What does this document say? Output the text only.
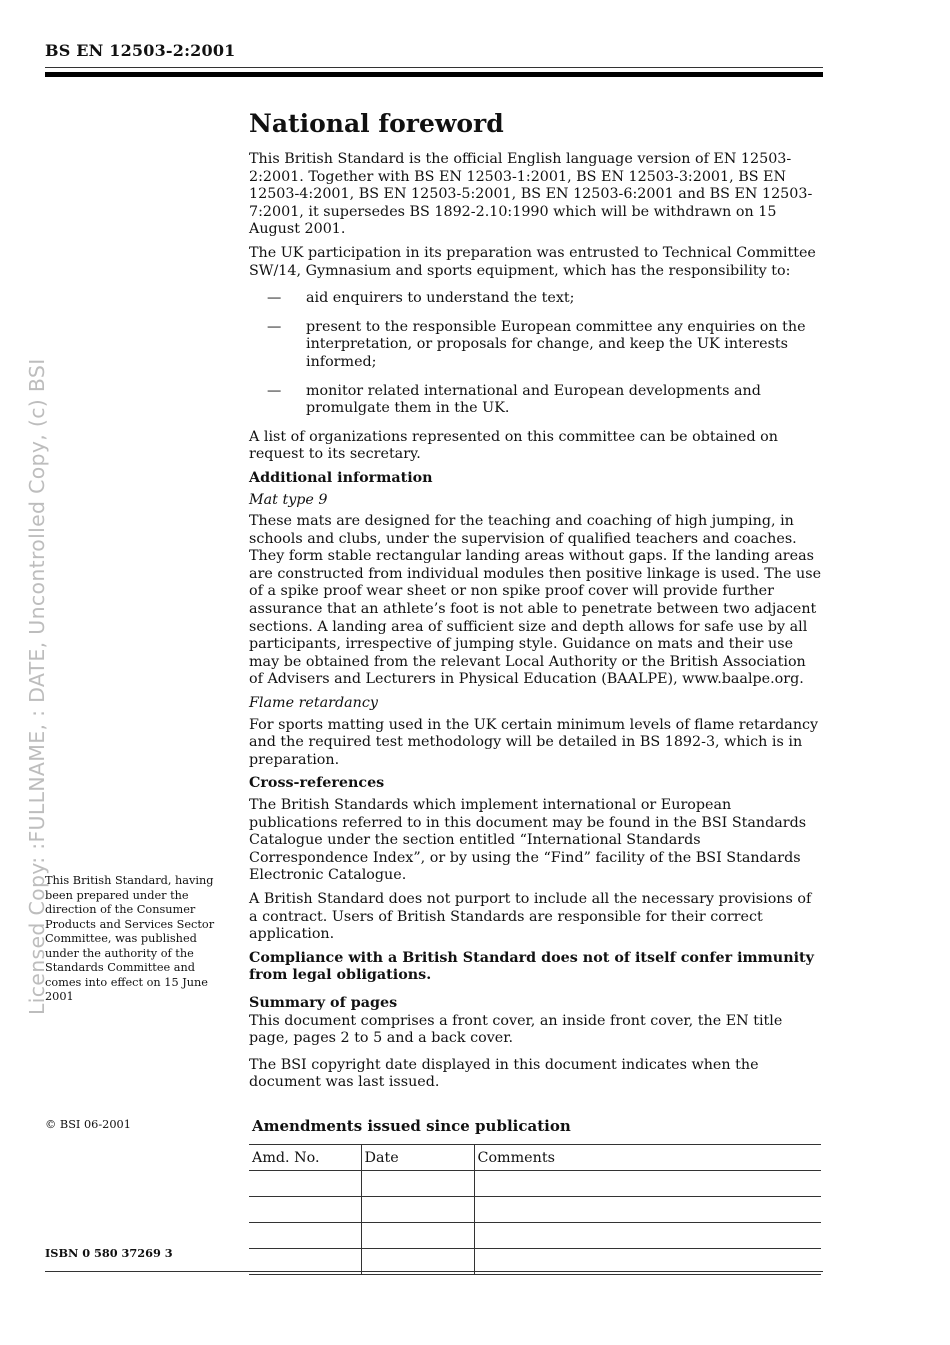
BS EN 12503-2:2001
Licensed Copy: :FULLNAME, : DATE, Uncontrolled Copy, (c) BSI
National foreword

This British Standard is the official English language version of EN 12503-2:2001. Together with BS EN 12503-1:2001, BS EN 12503-3:2001, BS EN 12503-4:2001, BS EN 12503-5:2001, BS EN 12503-6:2001 and BS EN 12503-7:2001, it supersedes BS 1892-2.10:1990 which will be withdrawn on 15 August 2001.

The UK participation in its preparation was entrusted to Technical Committee SW/14, Gymnasium and sports equipment, which has the responsibility to:

— aid enquirers to understand the text;
— present to the responsible European committee any enquiries on the interpretation, or proposals for change, and keep the UK interests informed;
— monitor related international and European developments and promulgate them in the UK.

A list of organizations represented on this committee can be obtained on request to its secretary.

Additional information
Mat type 9

These mats are designed for the teaching and coaching of high jumping, in schools and clubs, under the supervision of qualified teachers and coaches. They form stable rectangular landing areas without gaps. If the landing areas are constructed from individual modules then positive linkage is used. The use of a spike proof wear sheet or non spike proof cover will provide further assurance that an athlete’s foot is not able to penetrate between two adjacent sections. A landing area of sufficient size and depth allows for safe use by all participants, irrespective of jumping style. Guidance on mats and their use may be obtained from the relevant Local Authority or the British Association of Advisers and Lecturers in Physical Education (BAALPE), www.baalpe.org.

Flame retardancy

For sports matting used in the UK certain minimum levels of flame retardancy and the required test methodology will be detailed in BS 1892-3, which is in preparation.

Cross-references

The British Standards which implement international or European publications referred to in this document may be found in the BSI Standards Catalogue under the section entitled “International Standards Correspondence Index”, or by using the “Find” facility of the BSI Standards Electronic Catalogue.

A British Standard does not purport to include all the necessary provisions of a contract. Users of British Standards are responsible for their correct application.

Compliance with a British Standard does not of itself confer immunity from legal obligations.

Summary of pages

This document comprises a front cover, an inside front cover, the EN title page, pages 2 to 5 and a back cover.

The BSI copyright date displayed in this document indicates when the document was last issued.

This British Standard, having been prepared under the direction of the Consumer Products and Services Sector Committee, was published under the authority of the Standards Committee and comes into effect on 15 June 2001
© BSI 06-2001
ISBN 0 580 37269 3
Amendments issued since publication
Amd. No.	Date	Comments
